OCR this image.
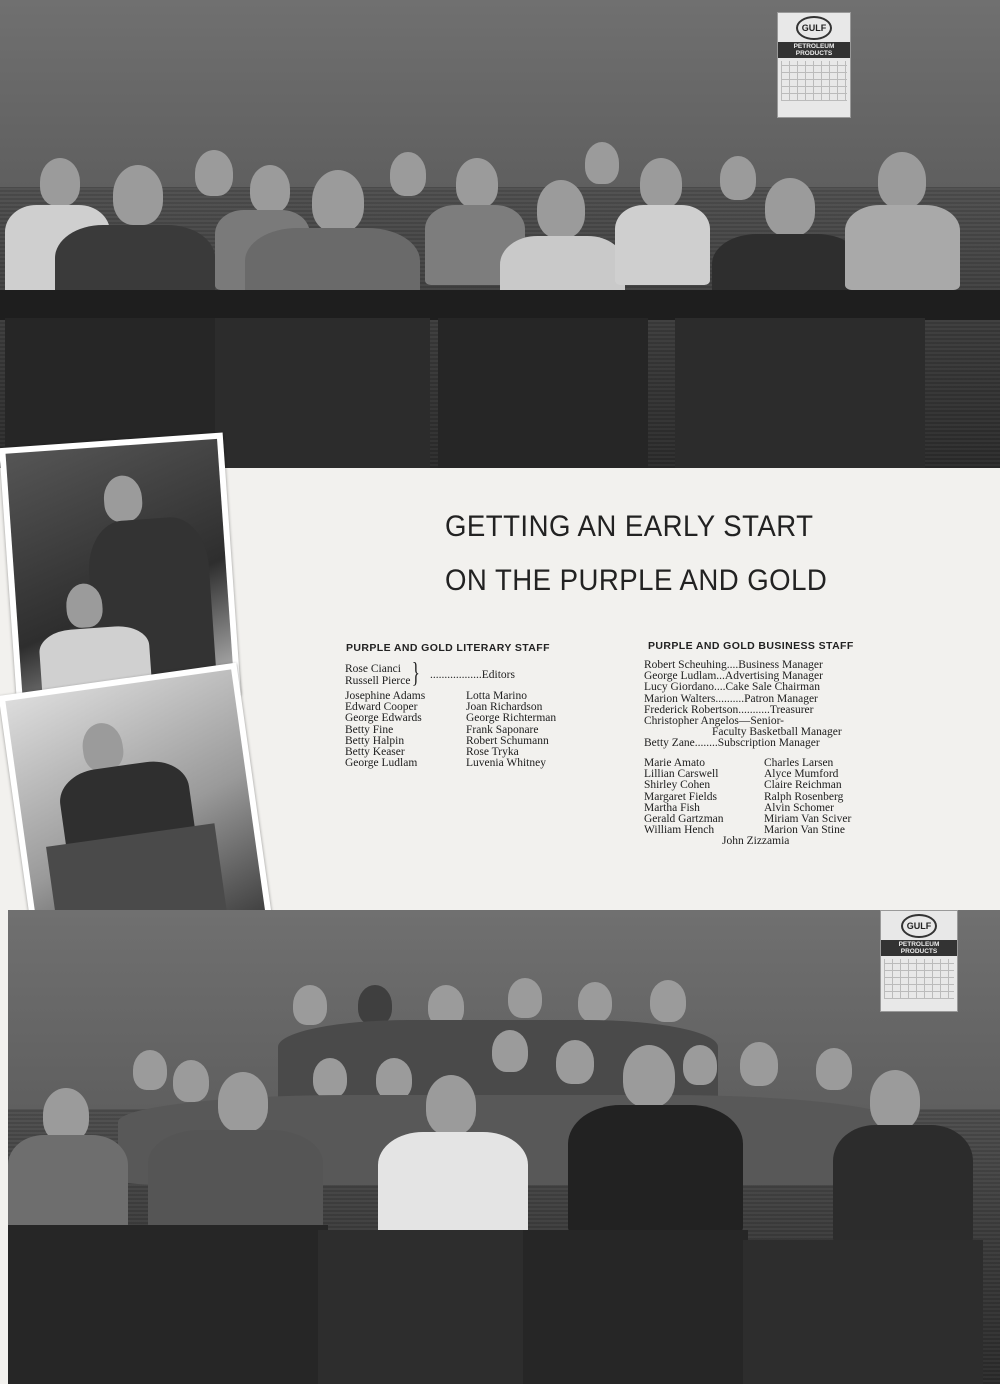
GULF
PETROLEUM PRODUCTS
GETTING AN EARLY START
ON THE PURPLE AND GOLD
PURPLE AND GOLD LITERARY STAFF
Rose Cianci
Russell Pierce } ..................Editors
Josephine Adams
Edward Cooper
George Edwards
Betty Fine
Betty Halpin
Betty Keaser
George Ludlam
Lotta Marino
Joan Richardson
George Richterman
Frank Saponare
Robert Schumann
Rose Tryka
Luvenia Whitney
PURPLE AND GOLD BUSINESS STAFF
Robert Scheuhing....Business Manager
George Ludlam...Advertising Manager
Lucy Giordano....Cake Sale Chairman
Marion Walters..........Patron Manager
Frederick Robertson...........Treasurer
Christopher Angelos—Senior-
Faculty Basketball Manager
Betty Zane........Subscription Manager
Marie Amato
Lillian Carswell
Shirley Cohen
Margaret Fields
Martha Fish
Gerald Gartzman
William Hench
Charles Larsen
Alyce Mumford
Claire Reichman
Ralph Rosenberg
Alvin Schomer
Miriam Van Sciver
Marion Van Stine
John Zizzamia
GULF
PETROLEUM PRODUCTS
